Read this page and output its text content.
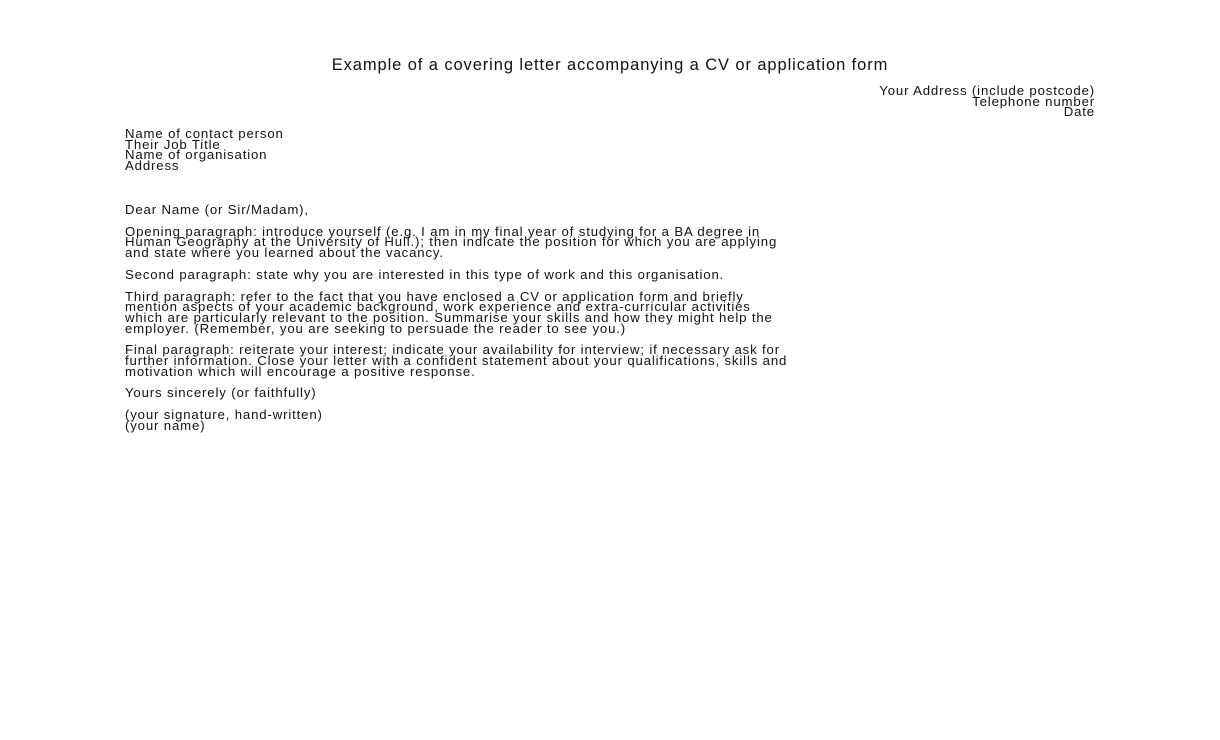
Example of a covering letter accompanying a CV or application form
Your Address (include postcode)
Telephone number
Date
Name of contact person
Their Job Title
Name of organisation
Address
Dear Name (or Sir/Madam),
Opening paragraph: introduce yourself (e.g. I am in my final year of studying for a BA degree in
Human Geography at the University of Hull.); then indicate the position for which you are applying
and state where you learned about the vacancy.
Second paragraph: state why you are interested in this type of work and this organisation.
Third paragraph: refer to the fact that you have enclosed a CV or application form and briefly
mention aspects of your academic background, work experience and extra-curricular activities
which are particularly relevant to the position. Summarise your skills and how they might help the
employer. (Remember, you are seeking to persuade the reader to see you.)
Final paragraph: reiterate your interest; indicate your availability for interview; if necessary ask for
further information. Close your letter with a confident statement about your qualifications, skills and
motivation which will encourage a positive response.
Yours sincerely (or faithfully)
(your signature, hand-written)
(your name)
